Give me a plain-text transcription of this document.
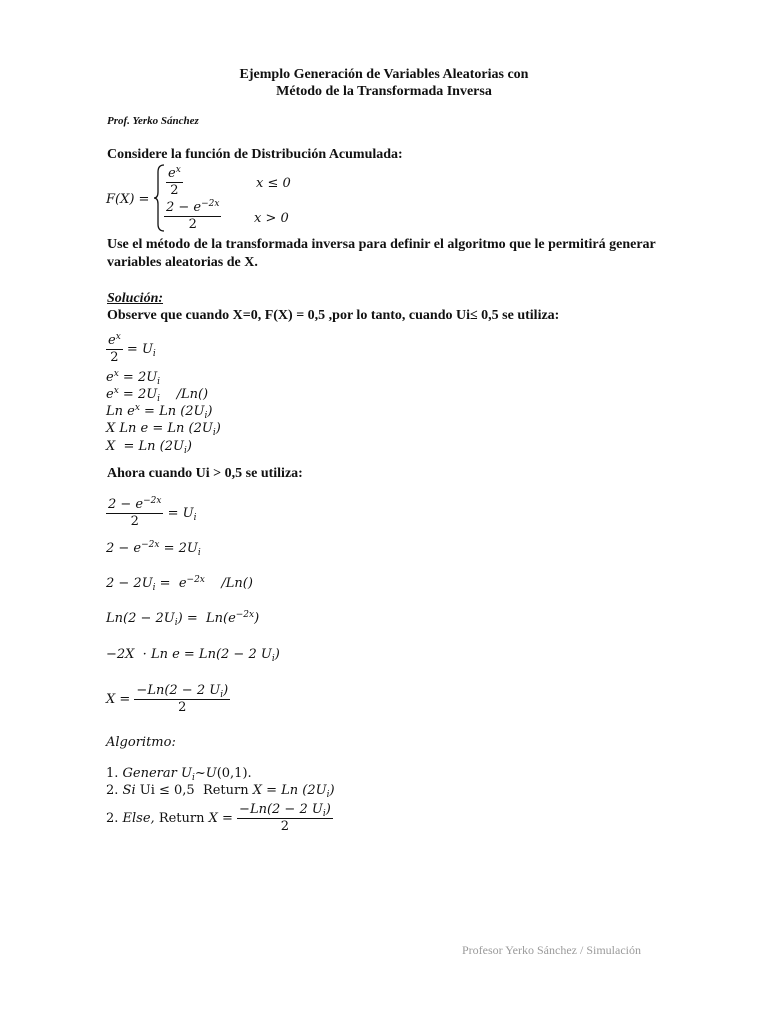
Ejemplo Generación de Variables Aleatorias con
Método de la Transformada Inversa
Prof. Yerko Sánchez
Considere la función de Distribución Acumulada:
F(X) =
$\frac{e^x}{2}$	x ≤ 0
$\frac{2 - e^{-2x}}{2}$	x > 0
Use el método de la transformada inversa para definir el algoritmo que le permitirá generar
variables aleatorias de X.
Solución:
Observe que cuando X=0, F(X) = 0,5 ,por lo tanto, cuando Ui≤ 0,5 se utiliza:
$\frac{e^x}{2} = U_i$
$e^x = 2U_i$
$e^x = 2U_i$    /Ln()
Ln $e^x = Ln$ $(2U_i)$
X Ln e = Ln $(2U_i)$
X  = Ln $(2U_i)$
Ahora cuando Ui > 0,5 se utiliza:
$\frac{2 - e^{-2x}}{2} = U_i$
$2 - e^{-2x} = 2U_i$
$2 - 2U_i = e^{-2x}$    /Ln()
$Ln(2 - 2U_i) = Ln(e^{-2x})$
−2X  · Ln e = Ln(2 − 2 $U_i$)
$X = \frac{-Ln(2 - 2 U_i)}{2}$
Algoritmo:
1. Generar $U_i\sim U(0,1)$.
2. Si Ui ≤ 0,5  Return X = Ln $(2U_i)$
2. Else, Return $X = \frac{-Ln(2 - 2 U_i)}{2}$
Profesor Yerko Sánchez / Simulación
